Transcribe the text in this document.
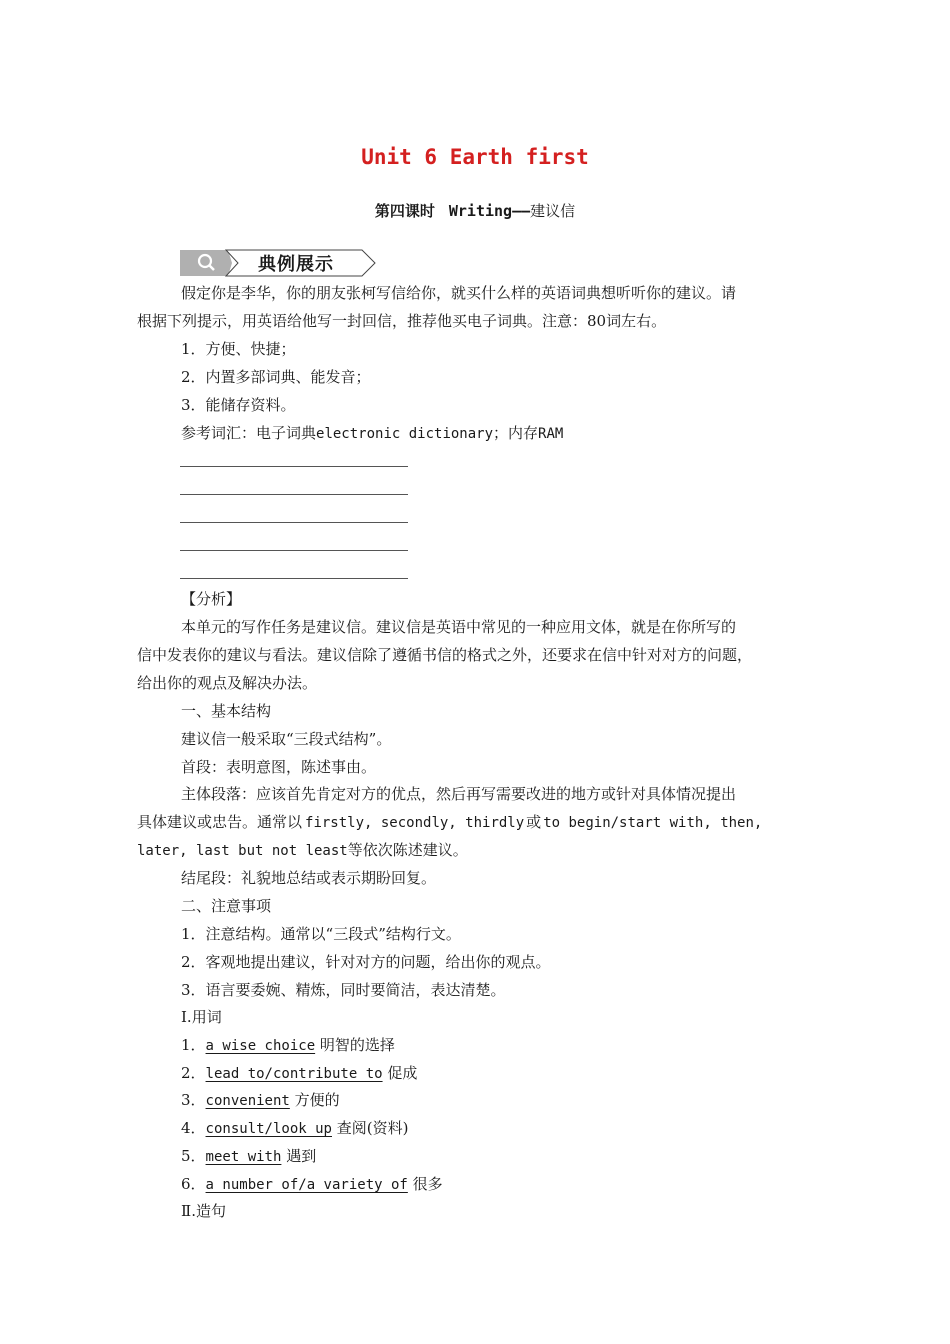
Unit 6 Earth first
第四课时 Writing——建议信
典例展示
假定你是李华，你的朋友张柯写信给你，就买什么样的英语词典想听听你的建议。请
根据下列提示，用英语给他写一封回信，推荐他买电子词典。注意：80词左右。
1．方便、快捷；
2．内置多部词典、能发音；
3．能储存资料。
参考词汇：电子词典electronic dictionary；内存RAM
【分析】
本单元的写作任务是建议信。建议信是英语中常见的一种应用文体，就是在你所写的
信中发表你的建议与看法。建议信除了遵循书信的格式之外，还要求在信中针对对方的问题，
给出你的观点及解决办法。
一、基本结构
建议信一般采取“三段式结构”。
首段：表明意图，陈述事由。
主体段落：应该首先肯定对方的优点，然后再写需要改进的地方或针对具体情况提出
具体建议或忠告。通常以 firstly, secondly, thirdly 或 to begin/start with, then,
later, last but not least等依次陈述建议。
结尾段：礼貌地总结或表示期盼回复。
二、注意事项
1．注意结构。通常以“三段式”结构行文。
2．客观地提出建议，针对对方的问题，给出你的观点。
3．语言要委婉、精炼，同时要简洁，表达清楚。
Ⅰ.用词
1．a wise choice 明智的选择
2．lead to/contribute to 促成
3．convenient 方便的
4．consult/look up 查阅(资料)
5．meet with 遇到
6．a number of/a variety of 很多
Ⅱ.造句
